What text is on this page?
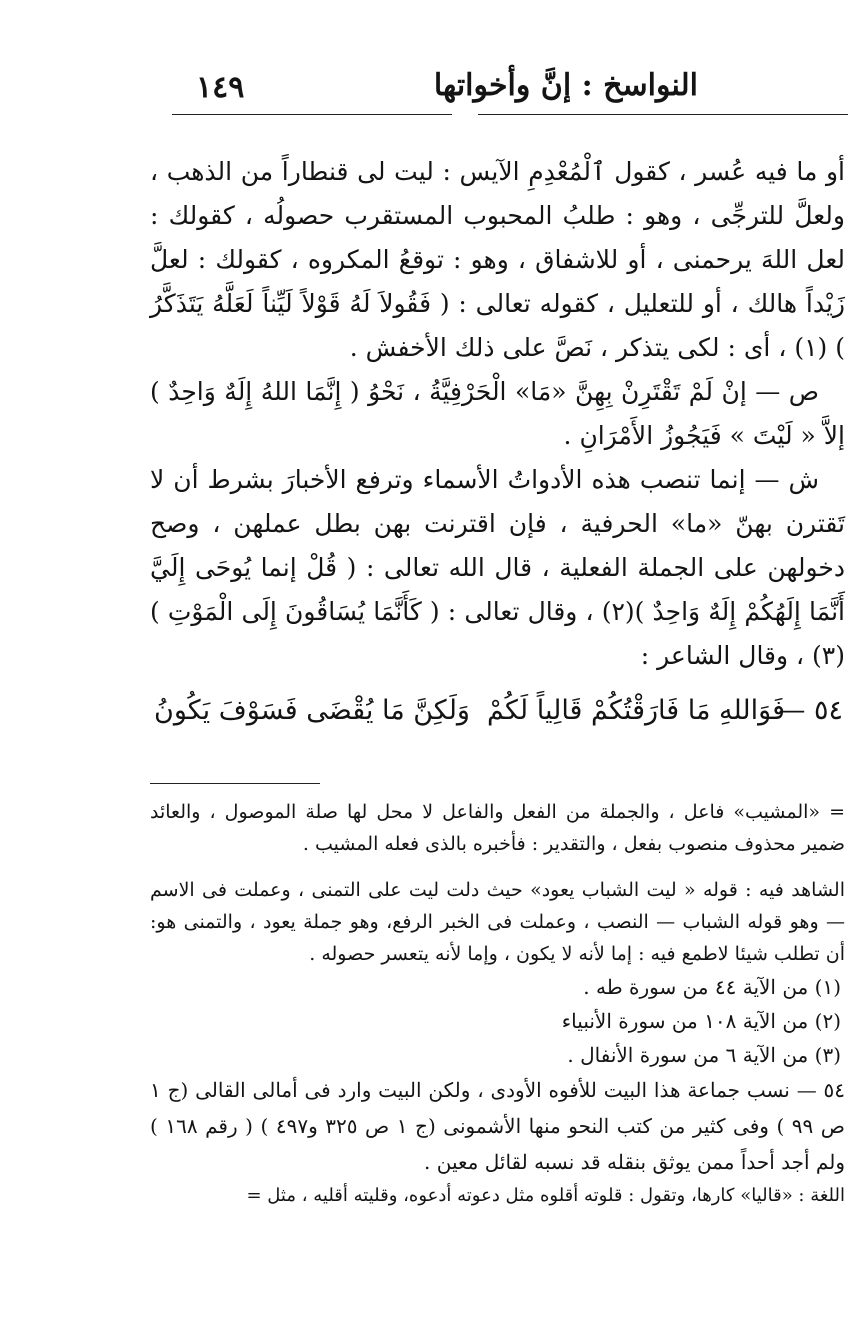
١٤٩	النواسخ : إنَّ وأخواتها

أو ما فيه عُسر ، كقول ٱلْمُعْدِمِ الآيس : ليت لى قنطاراً من الذهب ، ولعلَّ للترجِّى ، وهو : طلبُ المحبوب المستقرب حصولُه ، كقولك : لعل اللهَ يرحمنى ، أو للاشفاق ، وهو : توقعُ المكروه ، كقولك : لعلَّ زَيْداً هالك ، أو للتعليل ، كقوله تعالى : ( فَقُولاَ لَهُ قَوْلاً لَيِّناً لَعَلَّهُ يَتَذَكَّرُ ) (١) ، أى : لكى يتذكر ، نَصَّ على ذلك الأخفش .

ص — إنْ لَمْ تَقْتَرِنْ بِهِنَّ «مَا» الْحَرْفِيَّةُ ، نَحْوُ ( إِنَّمَا اللهُ إِلَهٌ وَاحِدٌ ) إلاَّ « لَيْتَ » فَيَجُوزُ الأَمْرَانِ .

ش — إنما تنصب هذه الأدواتُ الأسماء وترفع الأخبارَ بشرط أن لا تَقترن بهنّ «ما» الحرفية ، فإن اقترنت بهن بطل عملهن ، وصح دخولهن على الجملة الفعلية ، قال الله تعالى : ( قُلْ إنما يُوحَى إِلَيَّ أَنَّمَا إِلَهُكُمْ إِلَهٌ وَاحِدٌ )(٢) ، وقال تعالى : ( كَأَنَّمَا يُسَاقُونَ إِلَى الْمَوْتِ )(٣) ، وقال الشاعر :

٥٤ —
فَوَاللهِ مَا فَارَقْتُكُمْ قَالِياً لَكُمْ
وَلَكِنَّ مَا يُقْضَى فَسَوْفَ يَكُونُ

= «المشيب» فاعل ، والجملة من الفعل والفاعل لا محل لها صلة الموصول ، والعائد ضمير محذوف منصوب بفعل ، والتقدير : فأخبره بالذى فعله المشيب .

الشاهد فيه : قوله « ليت الشباب يعود» حيث دلت ليت على التمنى ، وعملت فى الاسم — وهو قوله الشباب — النصب ، وعملت فى الخبر الرفع، وهو جملة يعود ، والتمنى هو: أن تطلب شيئا لاطمع فيه : إما لأنه لا يكون ، وإما لأنه يتعسر حصوله .

(١) من الآية ٤٤ من سورة طه .

(٢) من الآية ١٠٨ من سورة الأنبياء

(٣) من الآية ٦ من سورة الأنفال .

٥٤ — نسب جماعة هذا البيت للأفوه الأودى ، ولكن البيت وارد فى أمالى القالى (ج ١ ص ٩٩ ) وفى كثير من كتب النحو منها الأشمونى (ج ١ ص ٣٢٥ و٤٩٧ ) ( رقم ١٦٨ ) ولم أجد أحداً ممن يوثق بنقله قد نسبه لقائل معين .

اللغة : «قاليا» كارها، وتقول : قلوته أقلوه مثل دعوته أدعوه، وقليته أقليه ، مثل =
